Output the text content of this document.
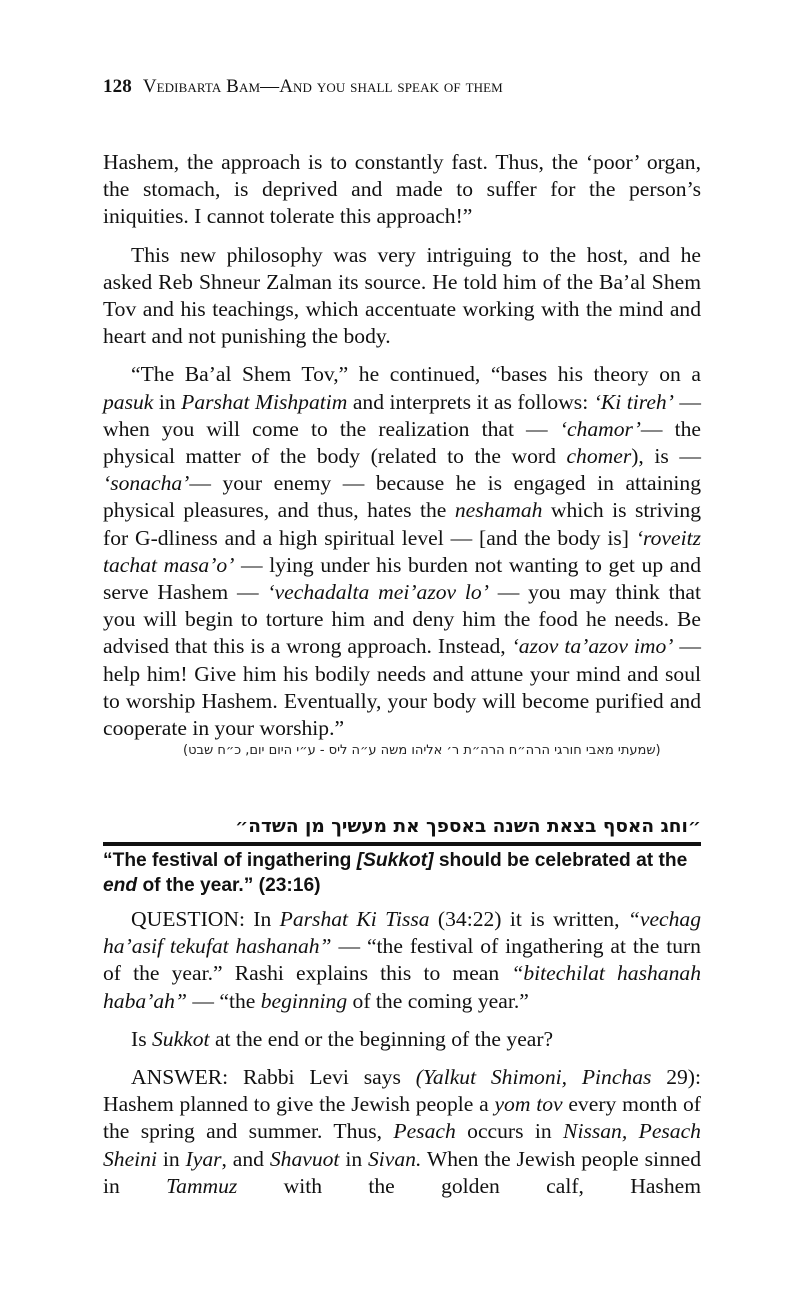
128 Vedibarta Bam—And you shall speak of them

Hashem, the approach is to constantly fast. Thus, the ‘poor’ organ, the stomach, is deprived and made to suffer for the person’s iniquities. I cannot tolerate this approach!”

This new philosophy was very intriguing to the host, and he asked Reb Shneur Zalman its source. He told him of the Ba’al Shem Tov and his teachings, which accentuate working with the mind and heart and not punishing the body.

“The Ba’al Shem Tov,” he continued, “bases his theory on a pasuk in Parshat Mishpatim and interprets it as follows: ‘Ki tireh’ — when you will come to the realization that — ‘chamor’— the physical matter of the body (related to the word chomer), is — ‘sonacha’— your enemy — because he is engaged in attaining physical pleasures, and thus, hates the neshamah which is striving for G-dliness and a high spiritual level — [and the body is] ‘roveitz tachat masa’o’ — lying under his burden not wanting to get up and serve Hashem — ‘vechadalta mei’azov lo’ — you may think that you will begin to torture him and deny him the food he needs. Be advised that this is a wrong approach. Instead, ‘azov ta’azov imo’ — help him! Give him his bodily needs and attune your mind and soul to worship Hashem. Eventually, your body will become purified and cooperate in your worship.”

(שמעתי מאבי חורגי הרה״ח הרה״ת ר׳ אליהו משה ע״ה ליס - ע״י היום יום, כ״ח שבט)
״וחג האסף בצאת השנה באספך את מעשיך מן השדה״
“The festival of ingathering [Sukkot] should be celebrated at the end of the year.” (23:16)

QUESTION: In Parshat Ki Tissa (34:22) it is written, “vechag ha’asif tekufat hashanah” — “the festival of ingathering at the turn of the year.” Rashi explains this to mean “bitechilat hashanah haba’ah” — “the beginning of the coming year.”

Is Sukkot at the end or the beginning of the year?

ANSWER: Rabbi Levi says (Yalkut Shimoni, Pinchas 29): Hashem planned to give the Jewish people a yom tov every month of the spring and summer. Thus, Pesach occurs in Nissan, Pesach Sheini in Iyar, and Shavuot in Sivan. When the Jewish people sinned in Tammuz with the golden calf, Hashem
